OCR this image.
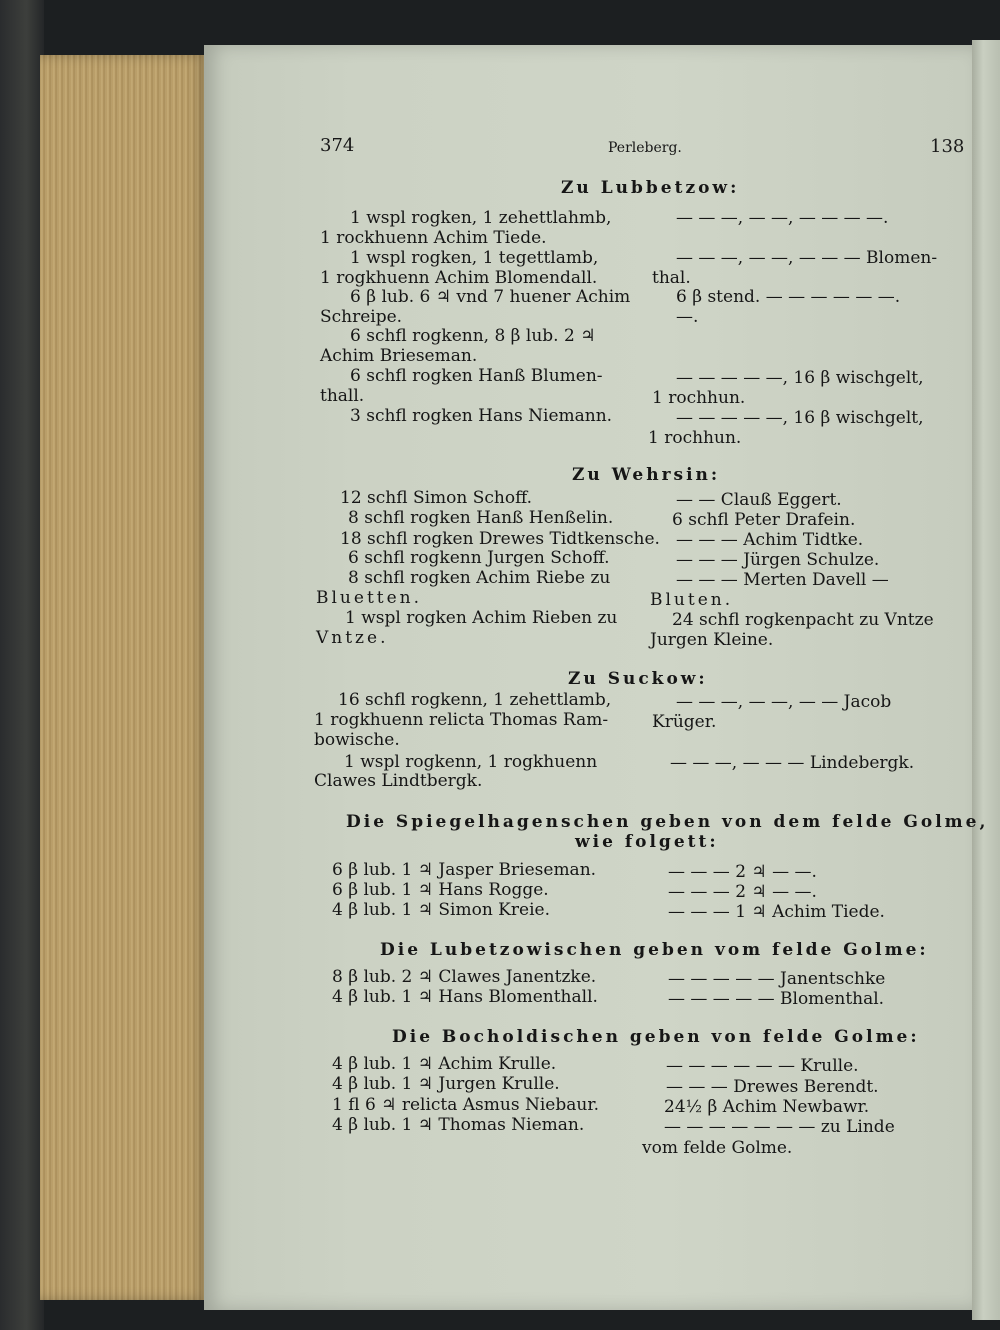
374	Perleberg.	138
Zu Lubbetzow:
1 wspl rogken, 1 zehettlahmb,
1 rockhuenn Achim Tiede.
1 wspl rogken, 1 tegettlamb,
1 rogkhuenn Achim Blomendall.
6 β lub. 6 ♃ vnd 7 huener Achim
Schreipe.
6 schfl rogkenn, 8 β lub. 2 ♃
Achim Brieseman.
6 schfl rogken Hanß Blumen-
thall.
3 schfl rogken Hans Niemann.
— — —, — —, — — — —.
— — —, — —, — — — Blomen-
thal.
6 β stend. — — — — — —.
—.
— — — — —, 16 β wischgelt,
1 rochhun.
— — — — —, 16 β wischgelt,
1 rochhun.
Zu Wehrsin:
12 schfl Simon Schoff.
8 schfl rogken Hanß Henßelin.
18 schfl rogken Drewes Tidtkensche.
6 schfl rogkenn Jurgen Schoff.
8 schfl rogken Achim Riebe zu
Bluetten.
1 wspl rogken Achim Rieben zu
Vntze.
— — Clauß Eggert.
6 schfl Peter Drafein.
— — — Achim Tidtke.
— — — Jürgen Schulze.
— — — Merten Davell —
Bluten.
24 schfl rogkenpacht zu Vntze
Jurgen Kleine.
Zu Suckow:
16 schfl rogkenn, 1 zehettlamb,
1 rogkhuenn relicta Thomas Ram-
bowische.
1 wspl rogkenn, 1 rogkhuenn
Clawes Lindtbergk.
— — —, — —, — — Jacob
Krüger.
— — —, — — — Lindebergk.
Die Spiegelhagenschen geben von dem felde Golme,
wie folgett:
6 β lub. 1 ♃ Jasper Brieseman.
6 β lub. 1 ♃ Hans Rogge.
4 β lub. 1 ♃ Simon Kreie.
— — — 2 ♃ — —.
— — — 2 ♃ — —.
— — — 1 ♃ Achim Tiede.
Die Lubetzowischen geben vom felde Golme:
8 β lub. 2 ♃ Clawes Janentzke.
4 β lub. 1 ♃ Hans Blomenthall.
— — — — — Janentschke
— — — — — Blomenthal.
Die Bocholdischen geben von felde Golme:
4 β lub. 1 ♃ Achim Krulle.
4 β lub. 1 ♃ Jurgen Krulle.
1 fl 6 ♃ relicta Asmus Niebaur.
4 β lub. 1 ♃ Thomas Nieman.
— — — — — — Krulle.
— — — Drewes Berendt.
24½ β Achim Newbawr.
— — — — — — — zu Linde
vom felde Golme.
